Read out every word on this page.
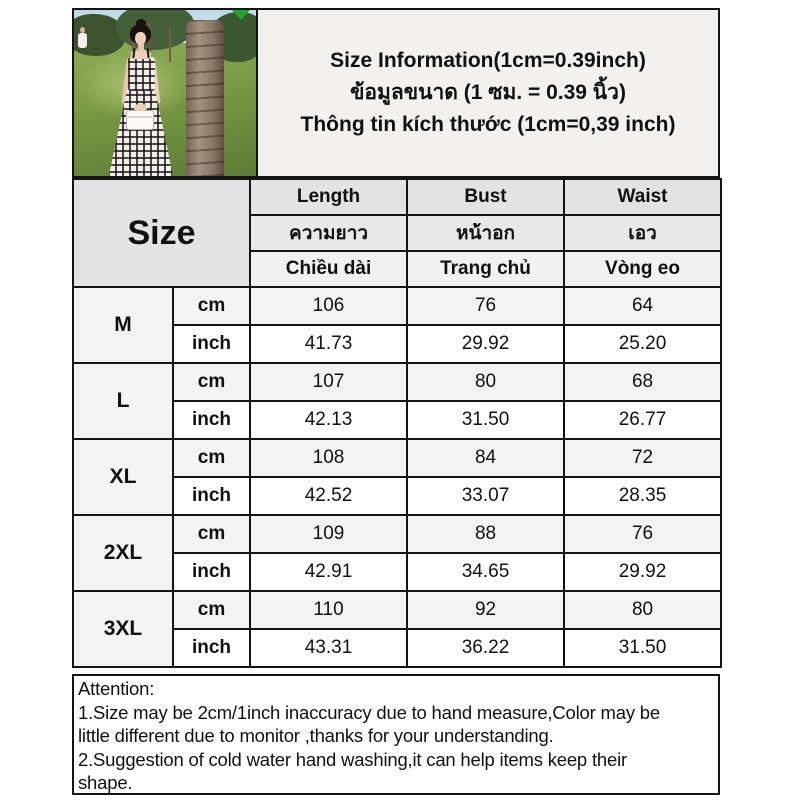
Size Information(1cm=0.39inch)
ข้อมูลขนาด (1 ซม. = 0.39 นิ้ว)
Thông tin kích thước (1cm=0,39 inch)
Size		Length	Bust	Waist
		ความยาว	หน้าอก	เอว
		Chiều dài	Trang chủ	Vòng eo
M	cm	106	76	64
	inch	41.73	29.92	25.20
L	cm	107	80	68
	inch	42.13	31.50	26.77
XL	cm	108	84	72
	inch	42.52	33.07	28.35
2XL	cm	109	88	76
	inch	42.91	34.65	29.92
3XL	cm	110	92	80
	inch	43.31	36.22	31.50
Attention:
1.Size may be 2cm/1inch inaccuracy due to hand measure,Color may be
little different due to monitor ,thanks for your understanding.
2.Suggestion of cold water hand washing,it can help items keep their
shape.
